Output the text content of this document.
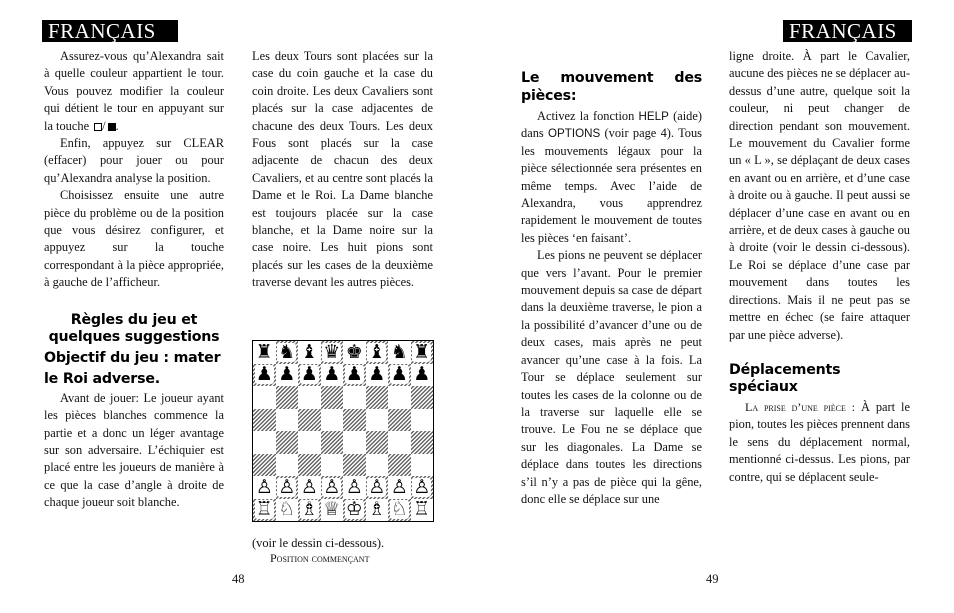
FRANÇAIS	FRANÇAIS

Assurez-vous qu’Alexandra sait à quelle couleur appartient le tour. Vous pouvez modifier la couleur qui détient le tour en appuyant sur la touche / .

Enfin, appuyez sur CLEAR (effacer) pour jouer ou pour qu’Alexandra analyse la position.

Choisissez ensuite une autre pièce du problème ou de la position que vous désirez configurer, et appuyez sur la touche correspondant à la pièce appropriée, à gauche de l’afficheur.

Règles du jeu et quelques suggestions
Objectif du jeu : mater le Roi adverse.

Avant de jouer: Le joueur ayant les pièces blanches commence la partie et a donc un léger avantage sur son adversaire. L’échiquier est placé entre les joueurs de manière à ce que la case d’angle à droite de chaque joueur soit blanche.

Les deux Tours sont placées sur la case du coin gauche et la case du coin droite. Les deux Cavaliers sont placés sur la case adjacentes de chacune des deux Tours. Les deux Fous sont placés sur la case adjacente de chacun des deux Cavaliers, et au centre sont placés la Dame et le Roi. La Dame blanche est toujours placée sur la case blanche, et la Dame noire sur la case noire. Les huit pions sont placés sur les cases de la deuxième traverse devant les autres pièces.

♜ ♞ ♝ ♛ ♚ ♝ ♞ ♜
♟ ♟ ♟ ♟ ♟ ♟ ♟ ♟
♙ ♙ ♙ ♙ ♙ ♙ ♙ ♙
♖ ♘ ♗ ♕ ♔ ♗ ♘ ♖

(voir le dessin ci-dessous).

Position commençant

Le mouvement des pièces:

Activez la fonction HELP (aide) dans OPTIONS (voir page 4). Tous les mouvements légaux pour la pièce sélectionnée sera présentes en même temps. Avec l’aide de Alexandra, vous apprendrez rapidement le mouvement de toutes les pièces ‘en faisant’.

Les pions ne peuvent se déplacer que vers l’avant. Pour le premier mouvement depuis sa case de départ dans la deuxième traverse, le pion a la possibilité d’avancer d’une ou de deux cases, mais après ne peut avancer qu’une case à la fois. La Tour se déplace seulement sur toutes les cases de la colonne ou de la traverse sur laquelle elle se trouve. Le Fou ne se déplace que sur les diagonales. La Dame se déplace dans toutes les directions s’il n’y a pas de pièce qui la gêne, donc elle se déplace sur une

ligne droite. À part le Cavalier, aucune des pièces ne se déplacer au-dessus d’une autre, quelque soit la couleur, ni peut changer de direction pendant son mouvement. Le mouvement du Cavalier forme un « L », se déplaçant de deux cases en avant ou en arrière, et d’une case à droite ou à gauche. Il peut aussi se déplacer d’une case en avant ou en arrière, et de deux cases à gauche ou à droite (voir le dessin ci-dessous). Le Roi se déplace d’une case par mouvement dans toutes les directions. Mais il ne peut pas se mettre en échec (se faire attaquer par une pièce adverse).

Déplacements spéciaux

La prise d’une pièce : À part le pion, toutes les pièces prennent dans le sens du déplacement normal, mentionné ci-dessus. Les pions, par contre, qui se déplacent seule-

48	49
